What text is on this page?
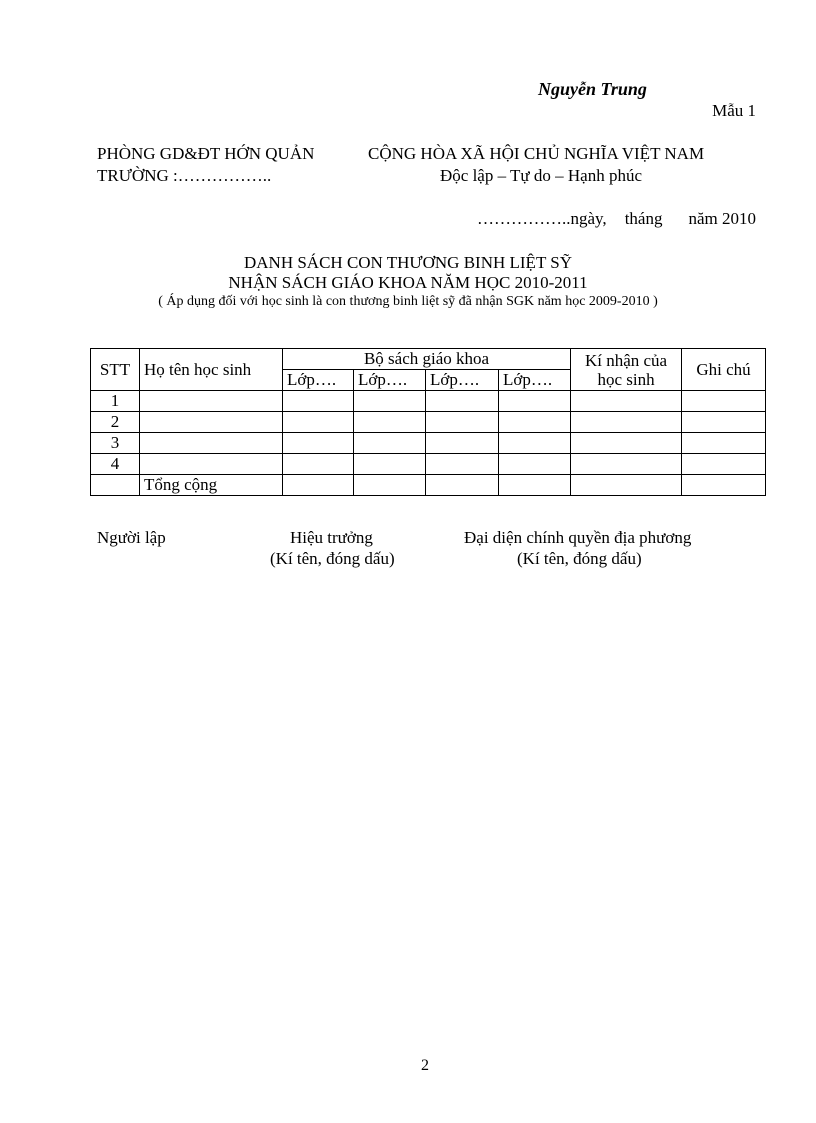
Nguyễn Trung
Mẫu 1
PHÒNG GD&ĐT HỚN QUẢN
TRƯỜNG :……………..
CỘNG HÒA XÃ HỘI CHỦ NGHĨA VIỆT NAM
Độc lập – Tự do – Hạnh phúc
……………..ngày, tháng năm 2010
DANH SÁCH CON THƯƠNG BINH LIỆT SỸ
NHẬN SÁCH GIÁO KHOA NĂM HỌC 2010-2011
( Áp dụng đối với học sinh là con thương binh liệt sỹ đã nhận SGK năm học 2009-2010 )
STT	Họ tên học sinh	Bộ sách giáo khoa				Kí nhận của học sinh	Ghi chú
		Lớp….	Lớp….	Lớp….	Lớp….		
1							
2							
3							
4							
	Tổng cộng						
Người lập	Hiệu trưởng
(Kí tên, đóng dấu)
Đại diện chính quyền địa phương
(Kí tên, đóng dấu)
2
